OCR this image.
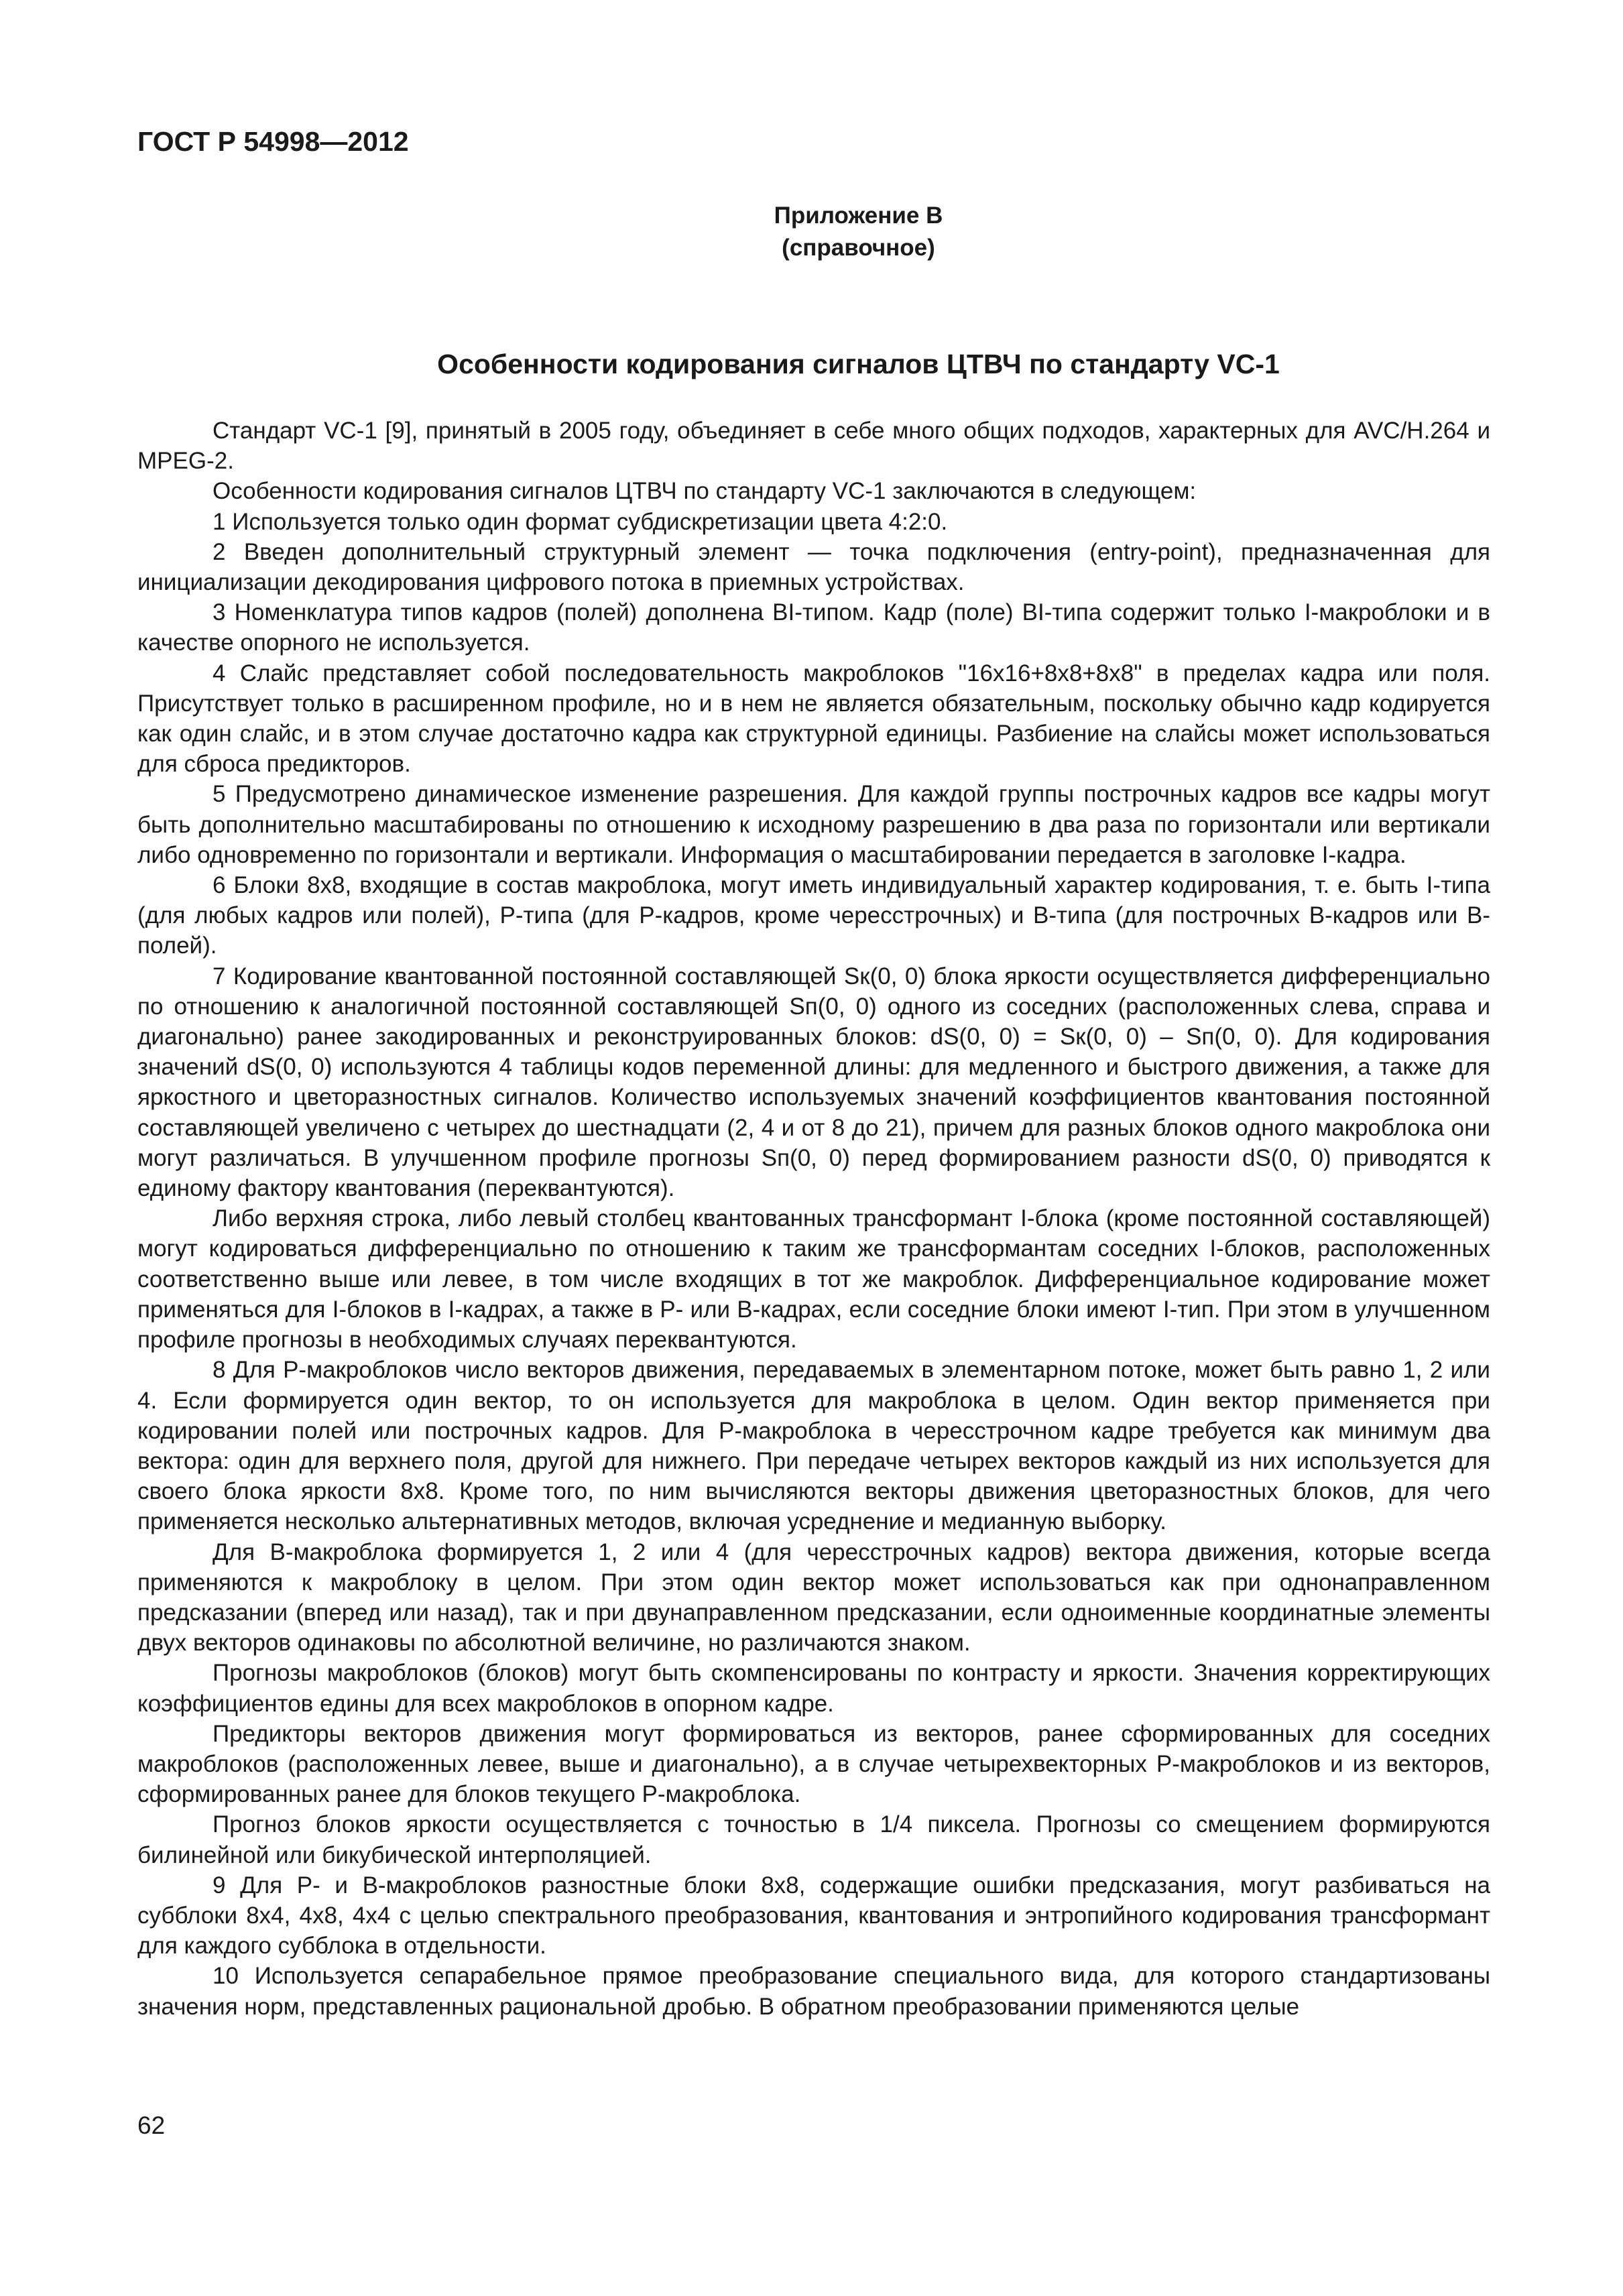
ГОСТ Р 54998—2012
Приложение В
(справочное)
Особенности кодирования сигналов ЦТВЧ по стандарту VC-1

Стандарт VC-1 [9], принятый в 2005 году, объединяет в себе много общих подходов, характерных для AVC/H.264 и MPEG-2.

Особенности кодирования сигналов ЦТВЧ по стандарту VC-1 заключаются в следующем:

1 Используется только один формат субдискретизации цвета 4:2:0.

2 Введен дополнительный структурный элемент — точка подключения (entry-point), предназначенная для инициализации декодирования цифрового потока в приемных устройствах.

3 Номенклатура типов кадров (полей) дополнена BI-типом. Кадр (поле) BI-типа содержит только I-макроблоки и в качестве опорного не используется.

4 Слайс представляет собой последовательность макроблоков "16x16+8x8+8x8" в пределах кадра или поля. Присутствует только в расширенном профиле, но и в нем не является обязательным, поскольку обычно кадр кодируется как один слайс, и в этом случае достаточно кадра как структурной единицы. Разбиение на слайсы может использоваться для сброса предикторов.

5 Предусмотрено динамическое изменение разрешения. Для каждой группы построчных кадров все кадры могут быть дополнительно масштабированы по отношению к исходному разрешению в два раза по горизонтали или вертикали либо одновременно по горизонтали и вертикали. Информация о масштабировании передается в заголовке I-кадра.

6 Блоки 8x8, входящие в состав макроблока, могут иметь индивидуальный характер кодирования, т. е. быть I-типа (для любых кадров или полей), P-типа (для P-кадров, кроме чересстрочных) и B-типа (для построчных B-кадров или B-полей).

7 Кодирование квантованной постоянной составляющей Sк(0, 0) блока яркости осуществляется дифференциально по отношению к аналогичной постоянной составляющей Sп(0, 0) одного из соседних (расположенных слева, справа и диагонально) ранее закодированных и реконструированных блоков: dS(0, 0) = Sк(0, 0) – Sп(0, 0). Для кодирования значений dS(0, 0) используются 4 таблицы кодов переменной длины: для медленного и быстрого движения, а также для яркостного и цветоразностных сигналов. Количество используемых значений коэффициентов квантования постоянной составляющей увеличено с четырех до шестнадцати (2, 4 и от 8 до 21), причем для разных блоков одного макроблока они могут различаться. В улучшенном профиле прогнозы Sп(0, 0) перед формированием разности dS(0, 0) приводятся к единому фактору квантования (переквантуются).

Либо верхняя строка, либо левый столбец квантованных трансформант I-блока (кроме постоянной составляющей) могут кодироваться дифференциально по отношению к таким же трансформантам соседних I-блоков, расположенных соответственно выше или левее, в том числе входящих в тот же макроблок. Дифференциальное кодирование может применяться для I-блоков в I-кадрах, а также в P- или B-кадрах, если соседние блоки имеют I-тип. При этом в улучшенном профиле прогнозы в необходимых случаях переквантуются.

8 Для P-макроблоков число векторов движения, передаваемых в элементарном потоке, может быть равно 1, 2 или 4. Если формируется один вектор, то он используется для макроблока в целом. Один вектор применяется при кодировании полей или построчных кадров. Для P-макроблока в чересстрочном кадре требуется как минимум два вектора: один для верхнего поля, другой для нижнего. При передаче четырех векторов каждый из них используется для своего блока яркости 8x8. Кроме того, по ним вычисляются векторы движения цветоразностных блоков, для чего применяется несколько альтернативных методов, включая усреднение и медианную выборку.

Для B-макроблока формируется 1, 2 или 4 (для чересстрочных кадров) вектора движения, которые всегда применяются к макроблоку в целом. При этом один вектор может использоваться как при однонаправленном предсказании (вперед или назад), так и при двунаправленном предсказании, если одноименные координатные элементы двух векторов одинаковы по абсолютной величине, но различаются знаком.

Прогнозы макроблоков (блоков) могут быть скомпенсированы по контрасту и яркости. Значения корректирующих коэффициентов едины для всех макроблоков в опорном кадре.

Предикторы векторов движения могут формироваться из векторов, ранее сформированных для соседних макроблоков (расположенных левее, выше и диагонально), а в случае четырехвекторных P-макроблоков и из векторов, сформированных ранее для блоков текущего P-макроблока.

Прогноз блоков яркости осуществляется с точностью в 1/4 пиксела. Прогнозы со смещением формируются билинейной или бикубической интерполяцией.

9 Для P- и B-макроблоков разностные блоки 8x8, содержащие ошибки предсказания, могут разбиваться на субблоки 8x4, 4x8, 4x4 с целью спектрального преобразования, квантования и энтропийного кодирования трансформант для каждого субблока в отдельности.

10 Используется сепарабельное прямое преобразование специального вида, для которого стандартизованы значения норм, представленных рациональной дробью. В обратном преобразовании применяются целые

62
